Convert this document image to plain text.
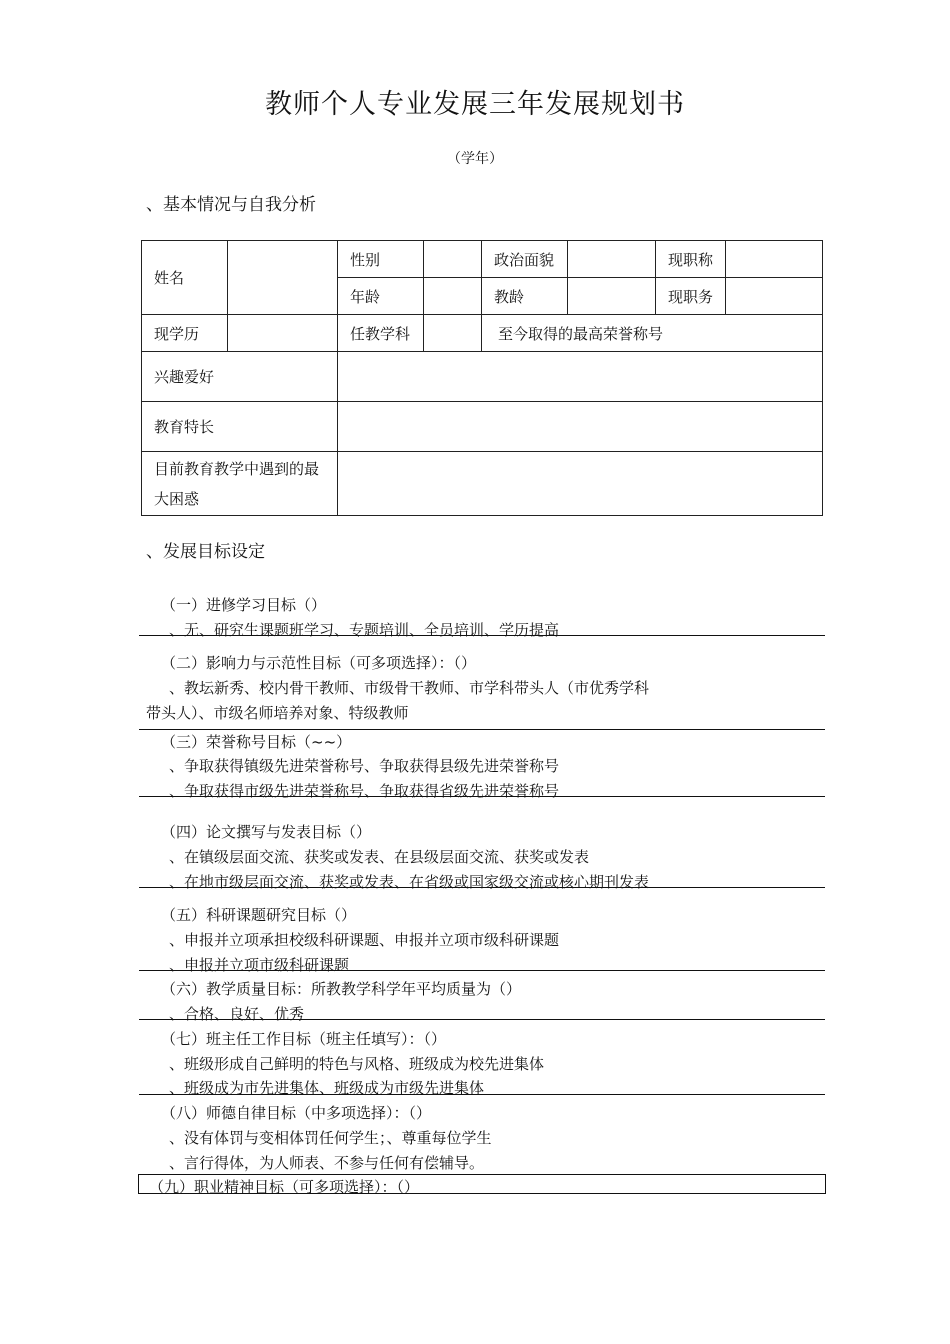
教师个人专业发展三年发展规划书
（学年）
、基本情况与自我分析
姓名		性别		政治面貌		现职称	
		年龄		教龄		现职务	
现学历		任教学科		至今取得的最高荣誉称号			
兴趣爱好							
教育特长							
目前教育教学中遇到的最
大困惑							
、发展目标设定
（一）进修学习目标（）
、无、研究生课题班学习、专题培训、全员培训、学历提高
（二）影响力与示范性目标（可多项选择）：（）
、教坛新秀、校内骨干教师、市级骨干教师、市学科带头人（市优秀学科
带头人）、市级名师培养对象、特级教师
（三）荣誉称号目标（~~）
、争取获得镇级先进荣誉称号、争取获得县级先进荣誉称号
、争取获得市级先进荣誉称号、争取获得省级先进荣誉称号
（四）论文撰写与发表目标（）
、在镇级层面交流、获奖或发表、在县级层面交流、获奖或发表
、在地市级层面交流、获奖或发表、在省级或国家级交流或核心期刊发表
（五）科研课题研究目标（）
、申报并立项承担校级科研课题、申报并立项市级科研课题
、申报并立项市级科研课题
（六）教学质量目标：所教教学科学年平均质量为（）
、合格、良好、优秀
（七）班主任工作目标（班主任填写）：（）
、班级形成自己鲜明的特色与风格、班级成为校先进集体
、班级成为市先进集体、班级成为市级先进集体
（八）师德自律目标（中多项选择）：（）
、没有体罚与变相体罚任何学生；、尊重每位学生
、言行得体，为人师表、不参与任何有偿辅导。
（九）职业精神目标（可多项选择）：（）
